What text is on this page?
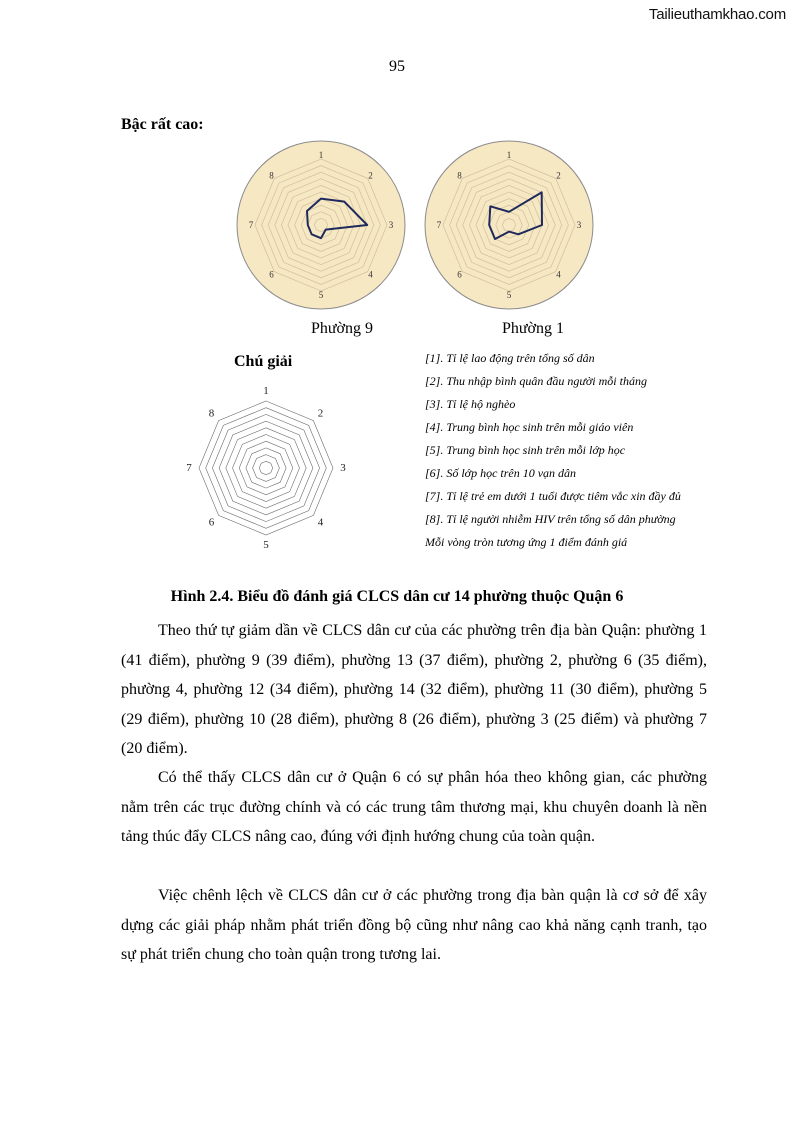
Tailieuthamkhao.com
95
Bậc rất cao:
1
2
3
4
5
6
7
8
Phường 9
1
2
3
4
5
6
7
8
Phường 1
Chú giải
1
2
3
4
5
6
7
8
[1]. Tỉ lệ lao động trên tổng số dân
[2]. Thu nhập bình quân đầu người mỗi tháng
[3]. Tỉ lệ hộ nghèo
[4]. Trung bình học sinh trên mỗi giáo viên
[5]. Trung bình học sinh trên mỗi lớp học
[6]. Số lớp học trên 10 vạn dân
[7]. Tỉ lệ trẻ em dưới 1 tuổi được tiêm vắc xin đầy đủ
[8]. Tỉ lệ người nhiễm HIV trên tổng số dân phường
Mỗi vòng tròn tương ứng 1 điểm đánh giá
Hình 2.4. Biểu đồ đánh giá CLCS dân cư 14 phường thuộc Quận 6

Theo thứ tự giảm dần về CLCS dân cư của các phường trên địa bàn Quận: phường 1 (41 điểm), phường 9 (39 điểm), phường 13 (37 điểm), phường 2, phường 6 (35 điểm), phường 4, phường 12 (34 điểm), phường 14 (32 điểm), phường 11 (30 điểm), phường 5 (29 điểm), phường 10 (28 điểm), phường 8 (26 điểm), phường 3 (25 điểm) và phường 7 (20 điểm).

Có thể thấy CLCS dân cư ở Quận 6 có sự phân hóa theo không gian, các phường nằm trên các trục đường chính và có các trung tâm thương mại, khu chuyên doanh là nền tảng thúc đẩy CLCS nâng cao, đúng với định hướng chung của toàn quận.

Việc chênh lệch về CLCS dân cư ở các phường trong địa bàn quận là cơ sở để xây dựng các giải pháp nhằm phát triển đồng bộ cũng như nâng cao khả năng cạnh tranh, tạo sự phát triển chung cho toàn quận trong tương lai.
